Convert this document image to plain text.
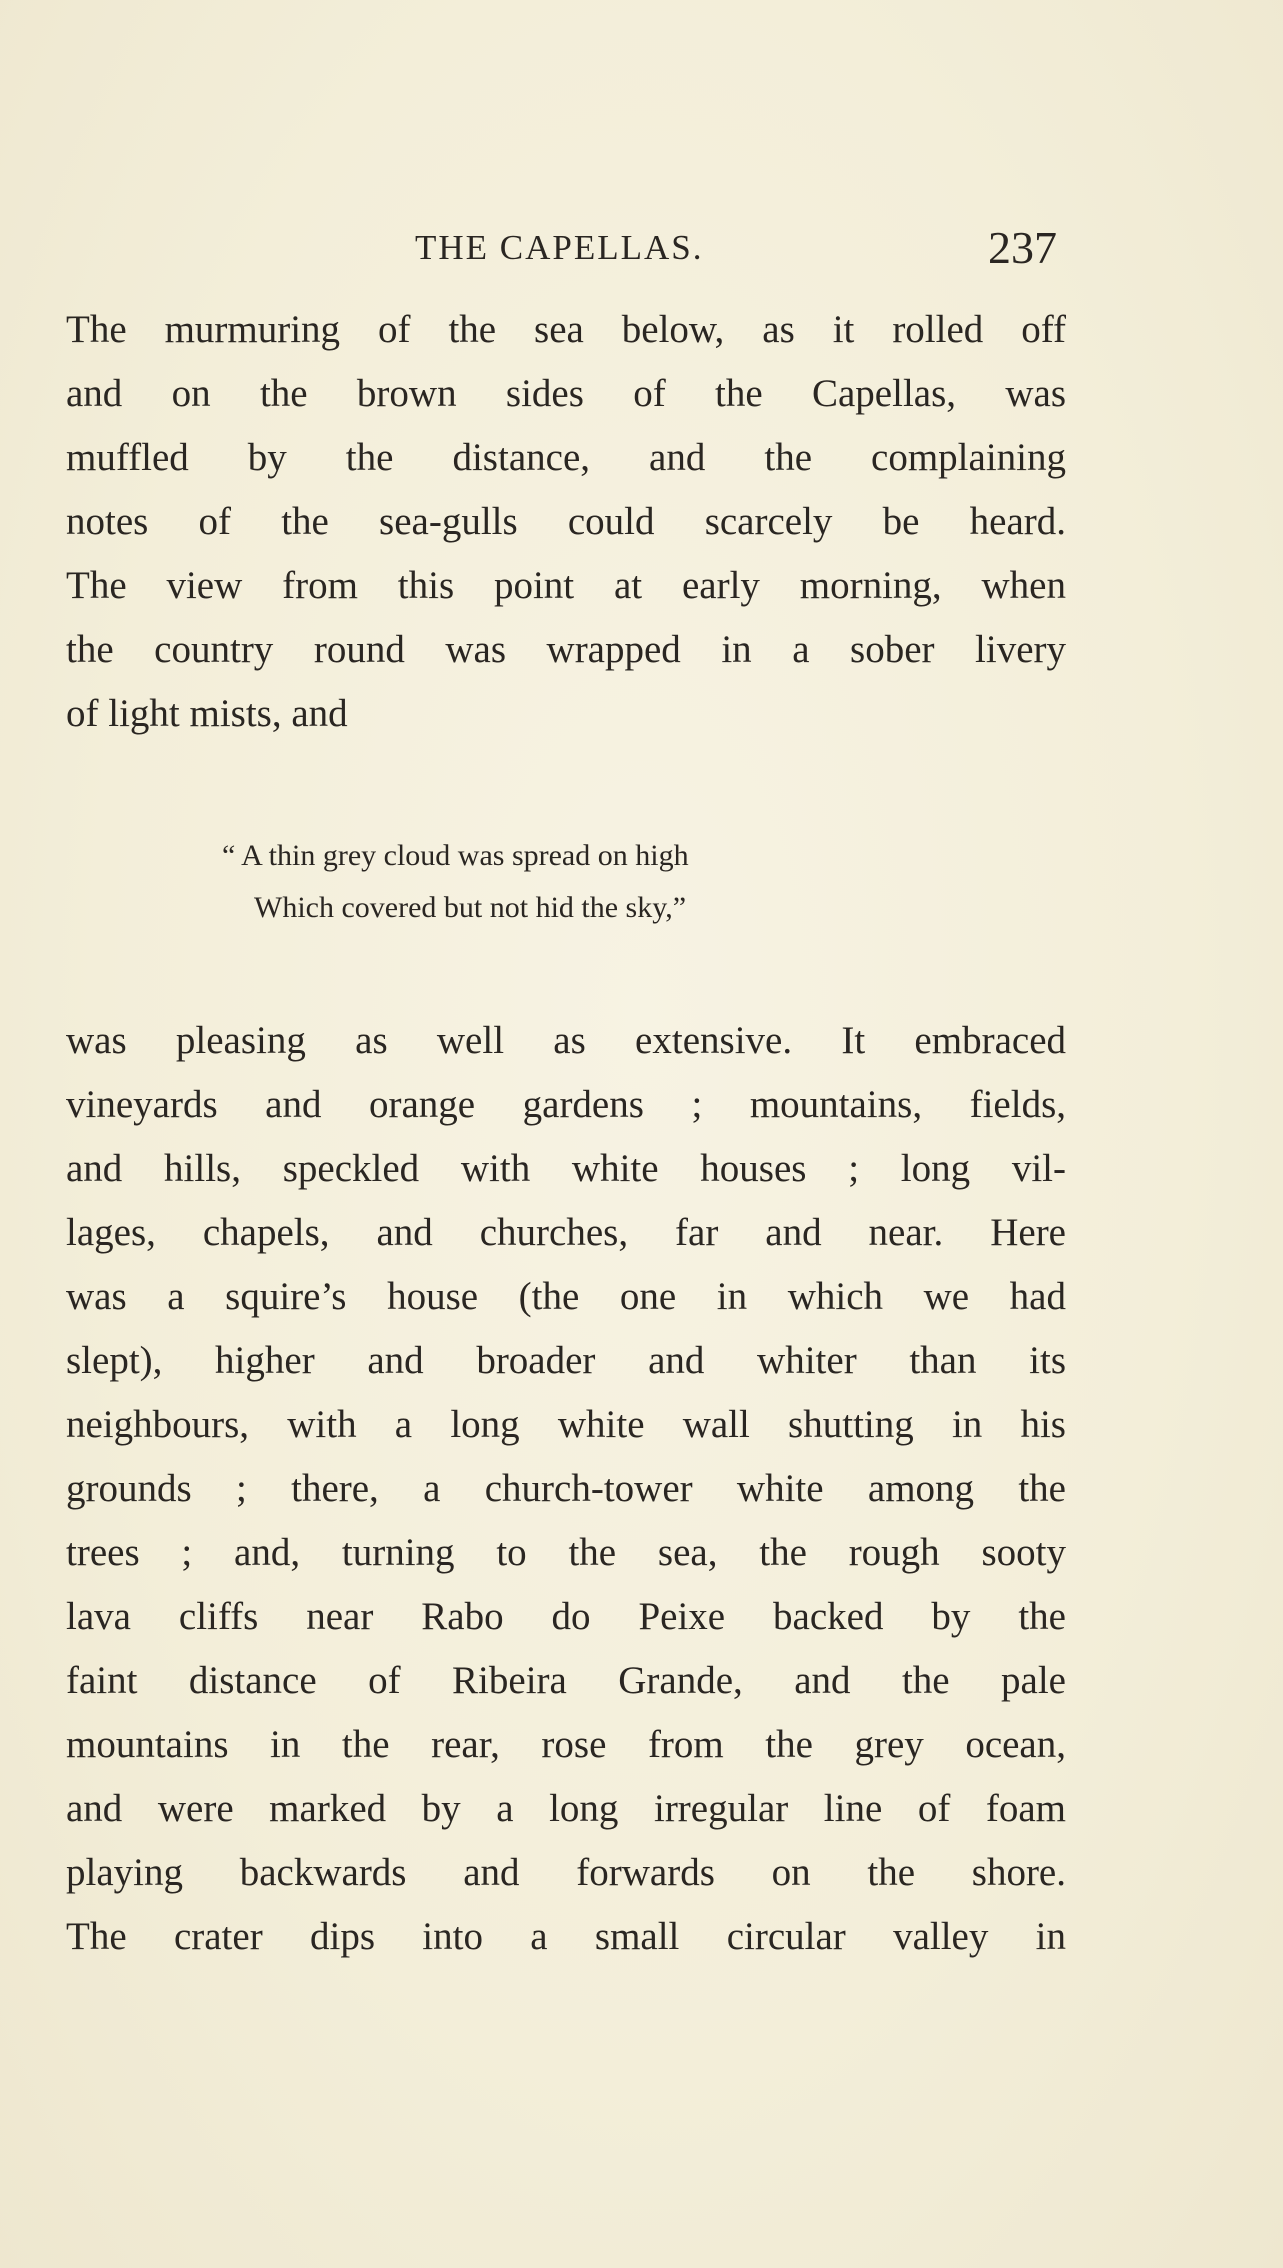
THE CAPELLAS.	237
The murmuring of the sea below, as it rolled off
and on the brown sides of the Capellas, was
muffled by the distance, and the complaining
notes of the sea-gulls could scarcely be heard.
The view from this point at early morning, when
the country round was wrapped in a sober livery
of light mists, and
“ A thin grey cloud was spread on high
Which covered but not hid the sky,”
was pleasing as well as extensive. It embraced
vineyards and orange gardens ; mountains, fields,
and hills, speckled with white houses ; long vil-
lages, chapels, and churches, far and near. Here
was a squire’s house (the one in which we had
slept), higher and broader and whiter than its
neighbours, with a long white wall shutting in his
grounds ; there, a church-tower white among the
trees ; and, turning to the sea, the rough sooty
lava cliffs near Rabo do Peixe backed by the
faint distance of Ribeira Grande, and the pale
mountains in the rear, rose from the grey ocean,
and were marked by a long irregular line of foam
playing backwards and forwards on the shore.
The crater dips into a small circular valley in
